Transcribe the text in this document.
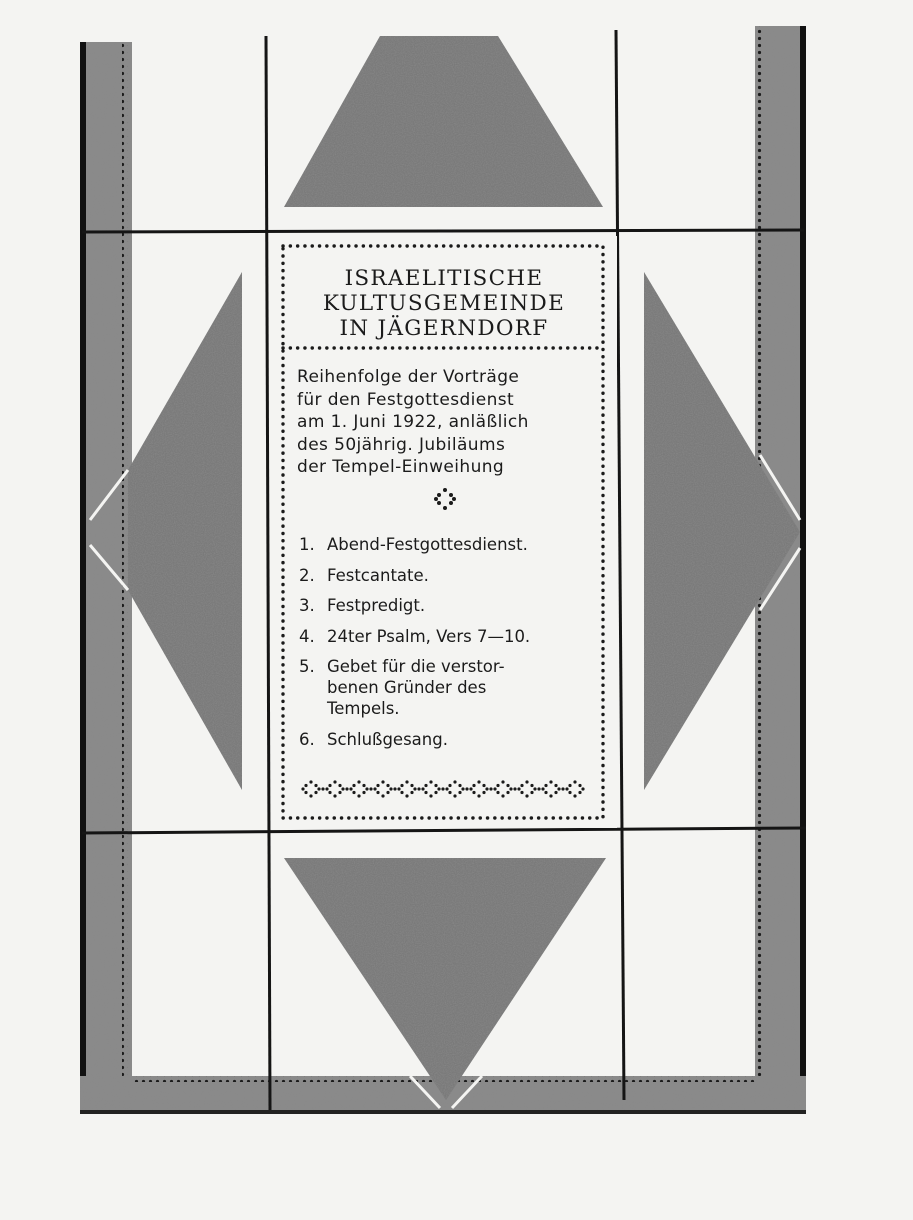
ISRAELITISCHE
KULTUSGEMEINDE
IN JÄGERNDORF
Reihenfolge der Vorträge
für den Festgottesdienst
am 1. Juni 1922, anläßlich
des 50jährig. Jubiläums
der Tempel-Einweihung
1. Abend-Festgottesdienst.
2. Festcantate.
3. Festpredigt.
4. 24ter Psalm, Vers 7—10.
5. Gebet für die verstor-
benen Gründer des
Tempels.
6. Schlußgesang.
